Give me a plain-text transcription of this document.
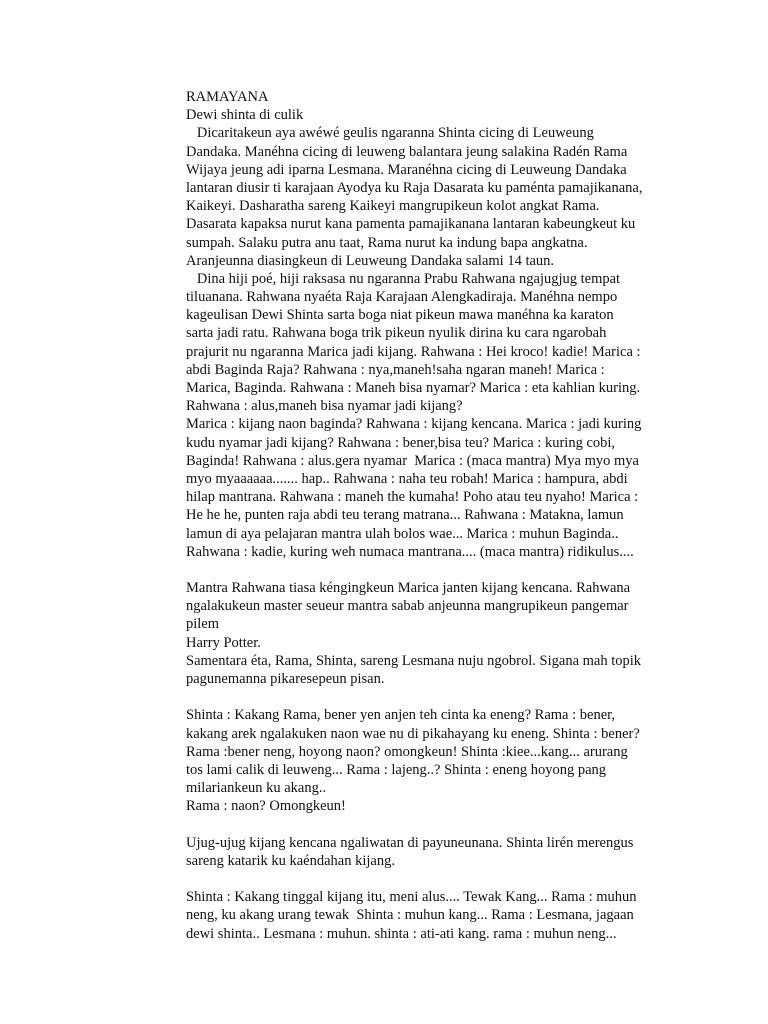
RAMAYANA
Dewi shinta di culik
Dicaritakeun aya awéwé geulis ngaranna Shinta cicing di Leuweung
Dandaka. Manéhna cicing di leuweng balantara jeung salakina Radén Rama
Wijaya jeung adi iparna Lesmana. Maranéhna cicing di Leuweung Dandaka
lantaran diusir ti karajaan Ayodya ku Raja Dasarata ku paménta pamajikanana,
Kaikeyi. Dasharatha sareng Kaikeyi mangrupikeun kolot angkat Rama.
Dasarata kapaksa nurut kana pamenta pamajikanana lantaran kabeungkeut ku
sumpah. Salaku putra anu taat, Rama nurut ka indung bapa angkatna.
Aranjeunna diasingkeun di Leuweung Dandaka salami 14 taun.
Dina hiji poé, hiji raksasa nu ngaranna Prabu Rahwana ngajugjug tempat
tiluanana. Rahwana nyaéta Raja Karajaan Alengkadiraja. Manéhna nempo
kageulisan Dewi Shinta sarta boga niat pikeun mawa manéhna ka karaton
sarta jadi ratu. Rahwana boga trik pikeun nyulik dirina ku cara ngarobah
prajurit nu ngaranna Marica jadi kijang. Rahwana : Hei kroco! kadie! Marica :
abdi Baginda Raja? Rahwana : nya,maneh!saha ngaran maneh! Marica :
Marica, Baginda. Rahwana : Maneh bisa nyamar? Marica : eta kahlian kuring.
Rahwana : alus,maneh bisa nyamar jadi kijang?
Marica : kijang naon baginda? Rahwana : kijang kencana. Marica : jadi kuring
kudu nyamar jadi kijang? Rahwana : bener,bisa teu? Marica : kuring cobi,
Baginda! Rahwana : alus.gera nyamar  Marica : (maca mantra) Mya myo mya
myo myaaaaaa....... hap.. Rahwana : naha teu robah! Marica : hampura, abdi
hilap mantrana. Rahwana : maneh the kumaha! Poho atau teu nyaho! Marica :
He he he, punten raja abdi teu terang matrana... Rahwana : Matakna, lamun
lamun di aya pelajaran mantra ulah bolos wae... Marica : muhun Baginda..
Rahwana : kadie, kuring weh numaca mantrana.... (maca mantra) ridikulus....
Mantra Rahwana tiasa kéngingkeun Marica janten kijang kencana. Rahwana
ngalakukeun master seueur mantra sabab anjeunna mangrupikeun pangemar
pilem
Harry Potter.
Samentara éta, Rama, Shinta, sareng Lesmana nuju ngobrol. Sigana mah topik
pagunemanna pikaresepeun pisan.
Shinta : Kakang Rama, bener yen anjen teh cinta ka eneng? Rama : bener,
kakang arek ngalakuken naon wae nu di pikahayang ku eneng. Shinta : bener?
Rama :bener neng, hoyong naon? omongkeun! Shinta :kiee...kang... arurang
tos lami calik di leuweng... Rama : lajeng..? Shinta : eneng hoyong pang
milariankeun ku akang..
Rama : naon? Omongkeun!
Ujug-ujug kijang kencana ngaliwatan di payuneunana. Shinta lirén merengus
sareng katarik ku kaéndahan kijang.
Shinta : Kakang tinggal kijang itu, meni alus.... Tewak Kang... Rama : muhun
neng, ku akang urang tewak  Shinta : muhun kang... Rama : Lesmana, jagaan
dewi shinta.. Lesmana : muhun. shinta : ati-ati kang. rama : muhun neng...
